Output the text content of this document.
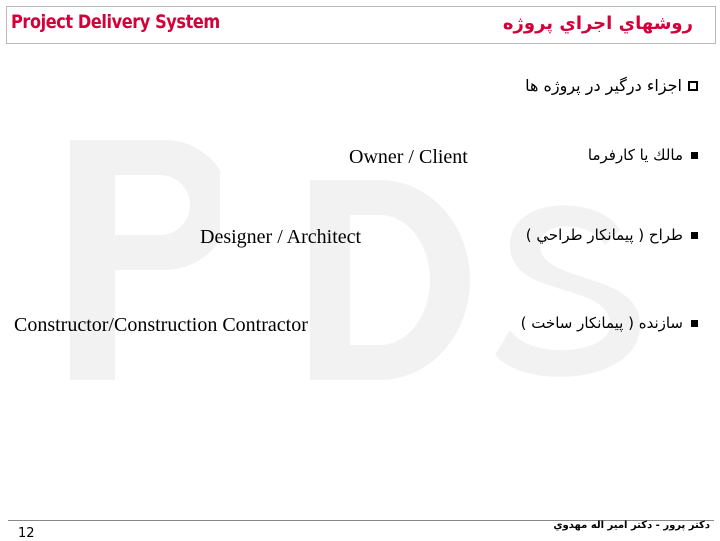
Project Delivery System	روشهاي اجراي پروژه
اجزاء درگیر در پروژه ها
Owner / Client	مالك يا كارفرما
Designer / Architect	طراح ( پيمانكار طراحي )
Constructor/Construction Contractor	سازنده ( پيمانكار ساخت )
12
دكتر پرور - دكتر امير اله مهدوي
